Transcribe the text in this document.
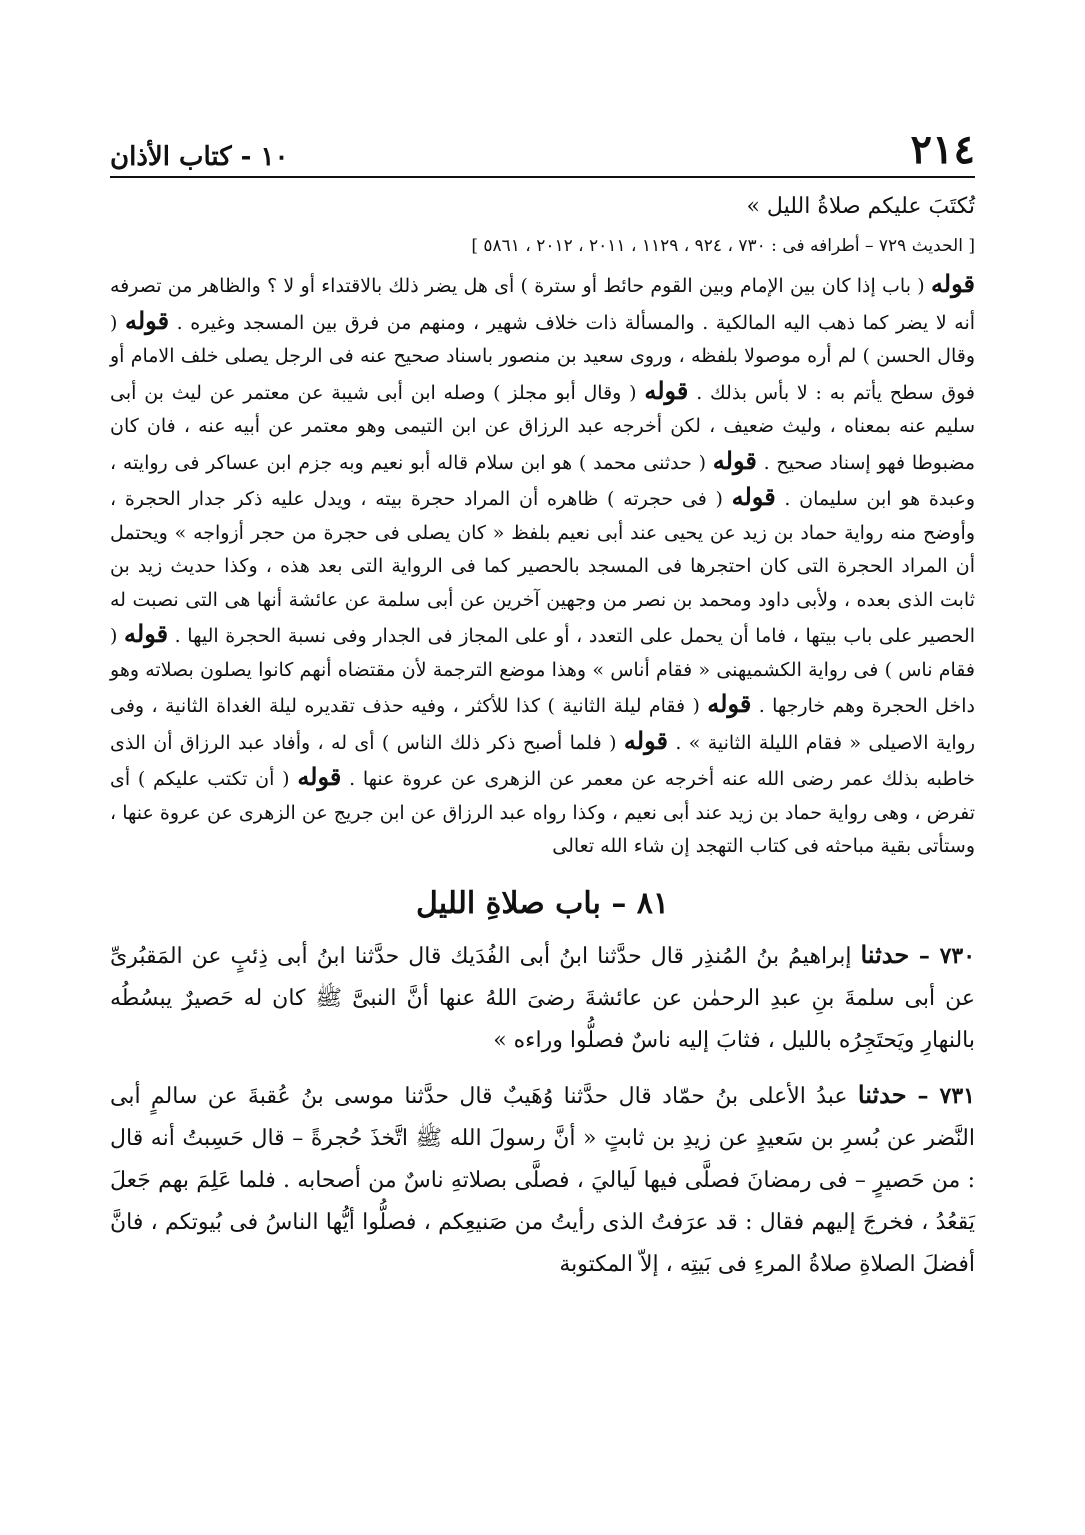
٢١٤
١٠ - كتاب الأذان

تُكتَبَ عليكم صلاةُ الليل »

[ الحديث ٧٢٩ – أطرافه فى : ٧٣٠ ، ٩٢٤ ، ١١٢٩ ، ٢٠١١ ، ٢٠١٢ ، ٥٨٦١ ]

قوله ( باب إذا كان بين الإمام وبين القوم حائط أو سترة ) أى هل يضر ذلك بالاقتداء أو لا ؟ والظاهر من تصرفه أنه لا يضر كما ذهب اليه المالكية . والمسألة ذات خلاف شهير ، ومنهم من فرق بين المسجد وغيره . قوله ( وقال الحسن ) لم أره موصولا بلفظه ، وروى سعيد بن منصور باسناد صحيح عنه فى الرجل يصلى خلف الامام أو فوق سطح يأتم به : لا بأس بذلك . قوله ( وقال أبو مجلز ) وصله ابن أبى شيبة عن معتمر عن ليث بن أبى سليم عنه بمعناه ، وليث ضعيف ، لكن أخرجه عبد الرزاق عن ابن التيمى وهو معتمر عن أبيه عنه ، فان كان مضبوطا فهو إسناد صحيح . قوله ( حدثنى محمد ) هو ابن سلام قاله أبو نعيم وبه جزم ابن عساكر فى روايته ، وعبدة هو ابن سليمان . قوله ( فى حجرته ) ظاهره أن المراد حجرة بيته ، ويدل عليه ذكر جدار الحجرة ، وأوضح منه رواية حماد بن زيد عن يحيى عند أبى نعيم بلفظ « كان يصلى فى حجرة من حجر أزواجه » ويحتمل أن المراد الحجرة التى كان احتجرها فى المسجد بالحصير كما فى الرواية التى بعد هذه ، وكذا حديث زيد بن ثابت الذى بعده ، ولأبى داود ومحمد بن نصر من وجهين آخرين عن أبى سلمة عن عائشة أنها هى التى نصبت له الحصير على باب بيتها ، فاما أن يحمل على التعدد ، أو على المجاز فى الجدار وفى نسبة الحجرة اليها . قوله ( فقام ناس ) فى رواية الكشميهنى « فقام أناس » وهذا موضع الترجمة لأن مقتضاه أنهم كانوا يصلون بصلاته وهو داخل الحجرة وهم خارجها . قوله ( فقام ليلة الثانية ) كذا للأكثر ، وفيه حذف تقديره ليلة الغداة الثانية ، وفى رواية الاصيلى « فقام الليلة الثانية » . قوله ( فلما أصبح ذكر ذلك الناس ) أى له ، وأفاد عبد الرزاق أن الذى خاطبه بذلك عمر رضى الله عنه أخرجه عن معمر عن الزهرى عن عروة عنها . قوله ( أن تكتب عليكم ) أى تفرض ، وهى رواية حماد بن زيد عند أبى نعيم ، وكذا رواه عبد الرزاق عن ابن جريج عن الزهرى عن عروة عنها ، وستأتى بقية مباحثه فى كتاب التهجد إن شاء الله تعالى

٨١ – باب صلاةِ الليل

٧٣٠ – حدثنا إبراهيمُ بنُ المُنذِر قال حدَّثنا ابنُ أبى الفُدَيك قال حدَّثنا ابنُ أبى ذِئبٍ عن المَقبُرىِّ عن أبى سلمةَ بنِ عبدِ الرحمٰن عن عائشةَ رضىَ اللهُ عنها أنَّ النبىَّ ﷺ كان له حَصيرٌ يبسُطُه بالنهارِ ويَحتَجِرُه بالليل ، فثابَ إليه ناسٌ فصلُّوا وراءه »

٧٣١ – حدثنا عبدُ الأعلى بنُ حمّاد قال حدَّثنا وُهَيبٌ قال حدَّثنا موسى بنُ عُقبةَ عن سالمٍ أبى النَّضر عن بُسرِ بن سَعيدٍ عن زيدِ بن ثابتٍ « أنَّ رسولَ الله ﷺ اتَّخذَ حُجرةً – قال حَسِبتُ أنه قال : من حَصيرٍ – فى رمضانَ فصلَّى فيها لَياليَ ، فصلَّى بصلاتهِ ناسٌ من أصحابه . فلما عَلِمَ بهم جَعلَ يَقعُدُ ، فخرجَ إليهم فقال : قد عرَفتُ الذى رأيتُ من صَنيعِكم ، فصلُّوا أيُّها الناسُ فى بُيوتكم ، فانَّ أفضلَ الصلاةِ صلاةُ المرءِ فى بَيتِه ، إلاّ المكتوبة
